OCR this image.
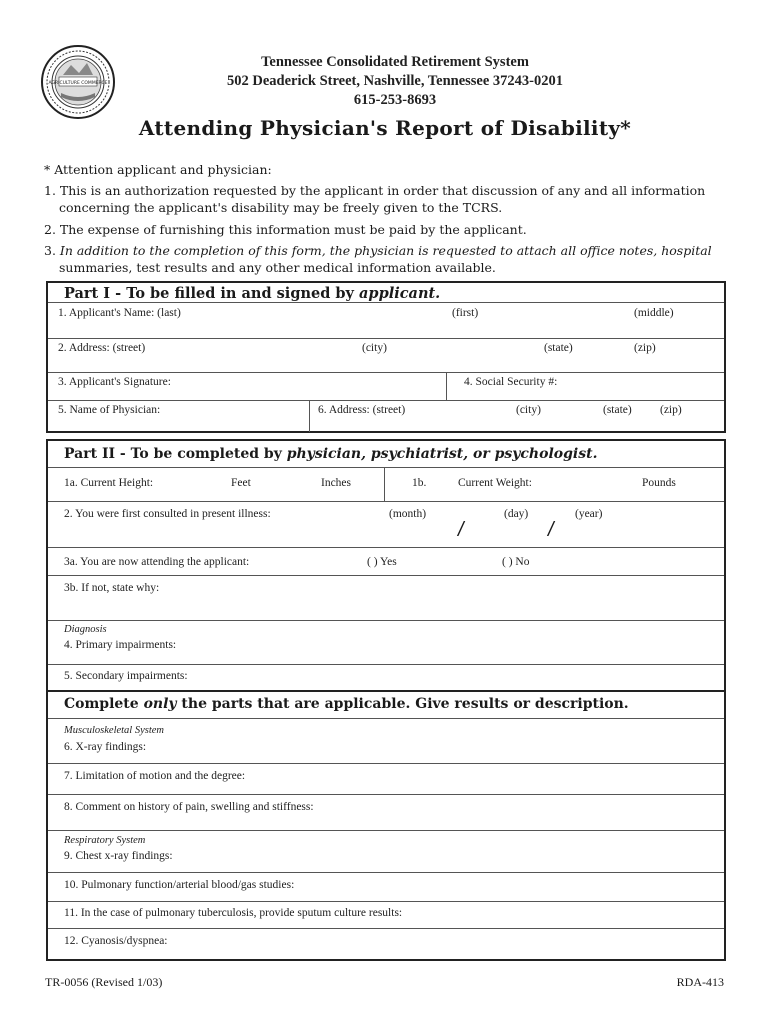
AGRICULTURE COMMERCE
Tennessee Consolidated Retirement System
502 Deaderick Street, Nashville, Tennessee 37243-0201
615-253-8693
Attending Physician's Report of Disability*
* Attention applicant and physician:
1. This is an authorization requested by the applicant in order that discussion of any and all information
concerning the applicant's disability may be freely given to the TCRS.
2. The expense of furnishing this information must be paid by the applicant.
3. In addition to the completion of this form, the physician is requested to attach all office notes, hospital
summaries, test results and any other medical information available.
Part I - To be filled in and signed by applicant.
1. Applicant's Name: (last)	(first)	(middle)
2. Address: (street)	(city)	(state)	(zip)
3. Applicant's Signature:	4. Social Security #:
5. Name of Physician:	6. Address: (street)	(city)	(state) (zip)
Part II - To be completed by physician, psychiatrist, or psychologist.
1a. Current Height:	Feet	Inches	1b.	Current Weight:	Pounds
2. You were first consulted in present illness:	(month)	(day)	(year)
/	/
3a. You are now attending the applicant:	( ) Yes	( ) No
3b. If not, state why:
Diagnosis
4. Primary impairments:
5. Secondary impairments:
Complete only the parts that are applicable. Give results or description.
Musculoskeletal System
6. X-ray findings:
7. Limitation of motion and the degree:
8. Comment on history of pain, swelling and stiffness:
Respiratory System
9. Chest x-ray findings:
10. Pulmonary function/arterial blood/gas studies:
11. In the case of pulmonary tuberculosis, provide sputum culture results:
12. Cyanosis/dyspnea:
TR-0056 (Revised 1/03)	RDA-413
